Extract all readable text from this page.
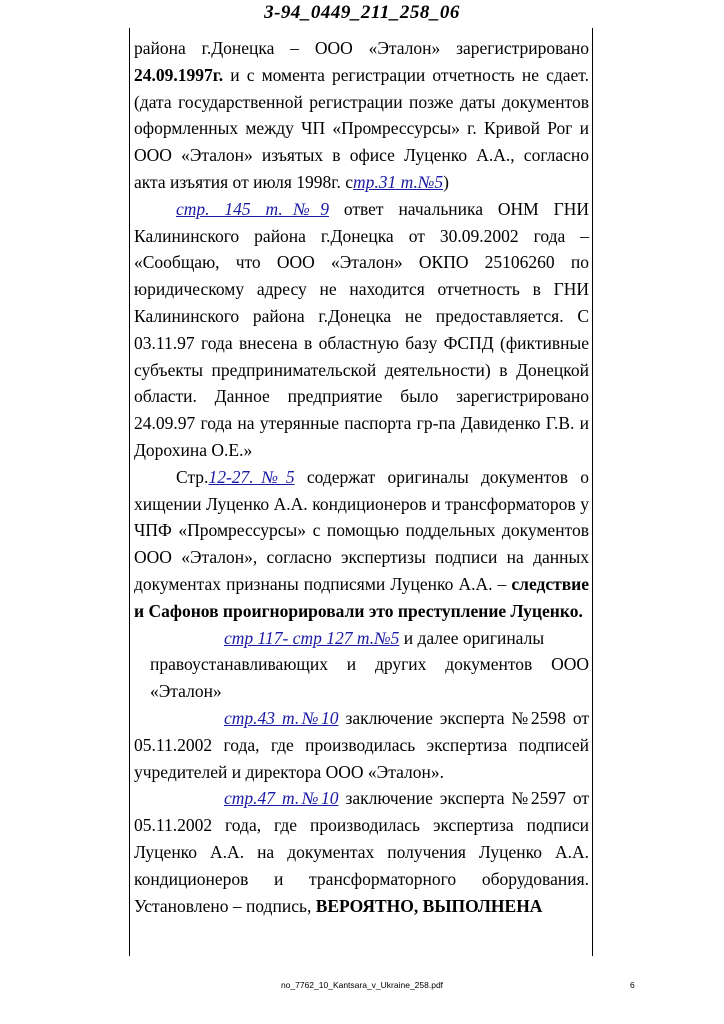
3-94_0449_211_258_06

района г.Донецка – ООО «Эталон» зарегистрировано 24.09.1997г. и с момента регистрации отчетность не сдает. (дата государственной регистрации позже даты документов оформленных между ЧП «Промрессурсы» г. Кривой Рог и ООО «Эталон» изъятых в офисе Луценко А.А., согласно акта изъятия от июля 1998г. стр.31 т.№5)

стр. 145 т.№9 ответ начальника ОНМ ГНИ Калининского района г.Донецка от 30.09.2002 года – «Сообщаю, что ООО «Эталон» ОКПО 25106260 по юридическому адресу не находится отчетность в ГНИ Калининского района г.Донецка не предоставляется. С 03.11.97 года внесена в областную базу ФСПД (фиктивные субъекты предпринимательской деятельности) в Донецкой области. Данное предприятие было зарегистрировано 24.09.97 года на утерянные паспорта гр-па Давиденко Г.В. и Дорохина О.Е.»

Стр.12-27.№5 содержат оригиналы документов о хищении Луценко А.А. кондиционеров и трансформаторов у ЧПФ «Промрессурсы» с помощью поддельных документов ООО «Эталон», согласно экспертизы подписи на данных документах признаны подписями Луценко А.А. – следствие и Сафонов проигнорировали это преступление Луценко.

стр 117- стр 127 т.№5 и далее оригиналы

правоустанавливающих и других документов ООО «Эталон»

стр.43 т.№10 заключение эксперта №2598 от 05.11.2002 года, где производилась экспертиза подписей учредителей и директора ООО «Эталон».

стр.47 т.№10 заключение эксперта №2597 от 05.11.2002 года, где производилась экспертиза подписи Луценко А.А. на документах получения Луценко А.А. кондиционеров и трансформаторного оборудования. Установлено – подпись, ВЕРОЯТНО, ВЫПОЛНЕНА

no_7762_10_Kantsara_v_Ukraine_258.pdf	6
